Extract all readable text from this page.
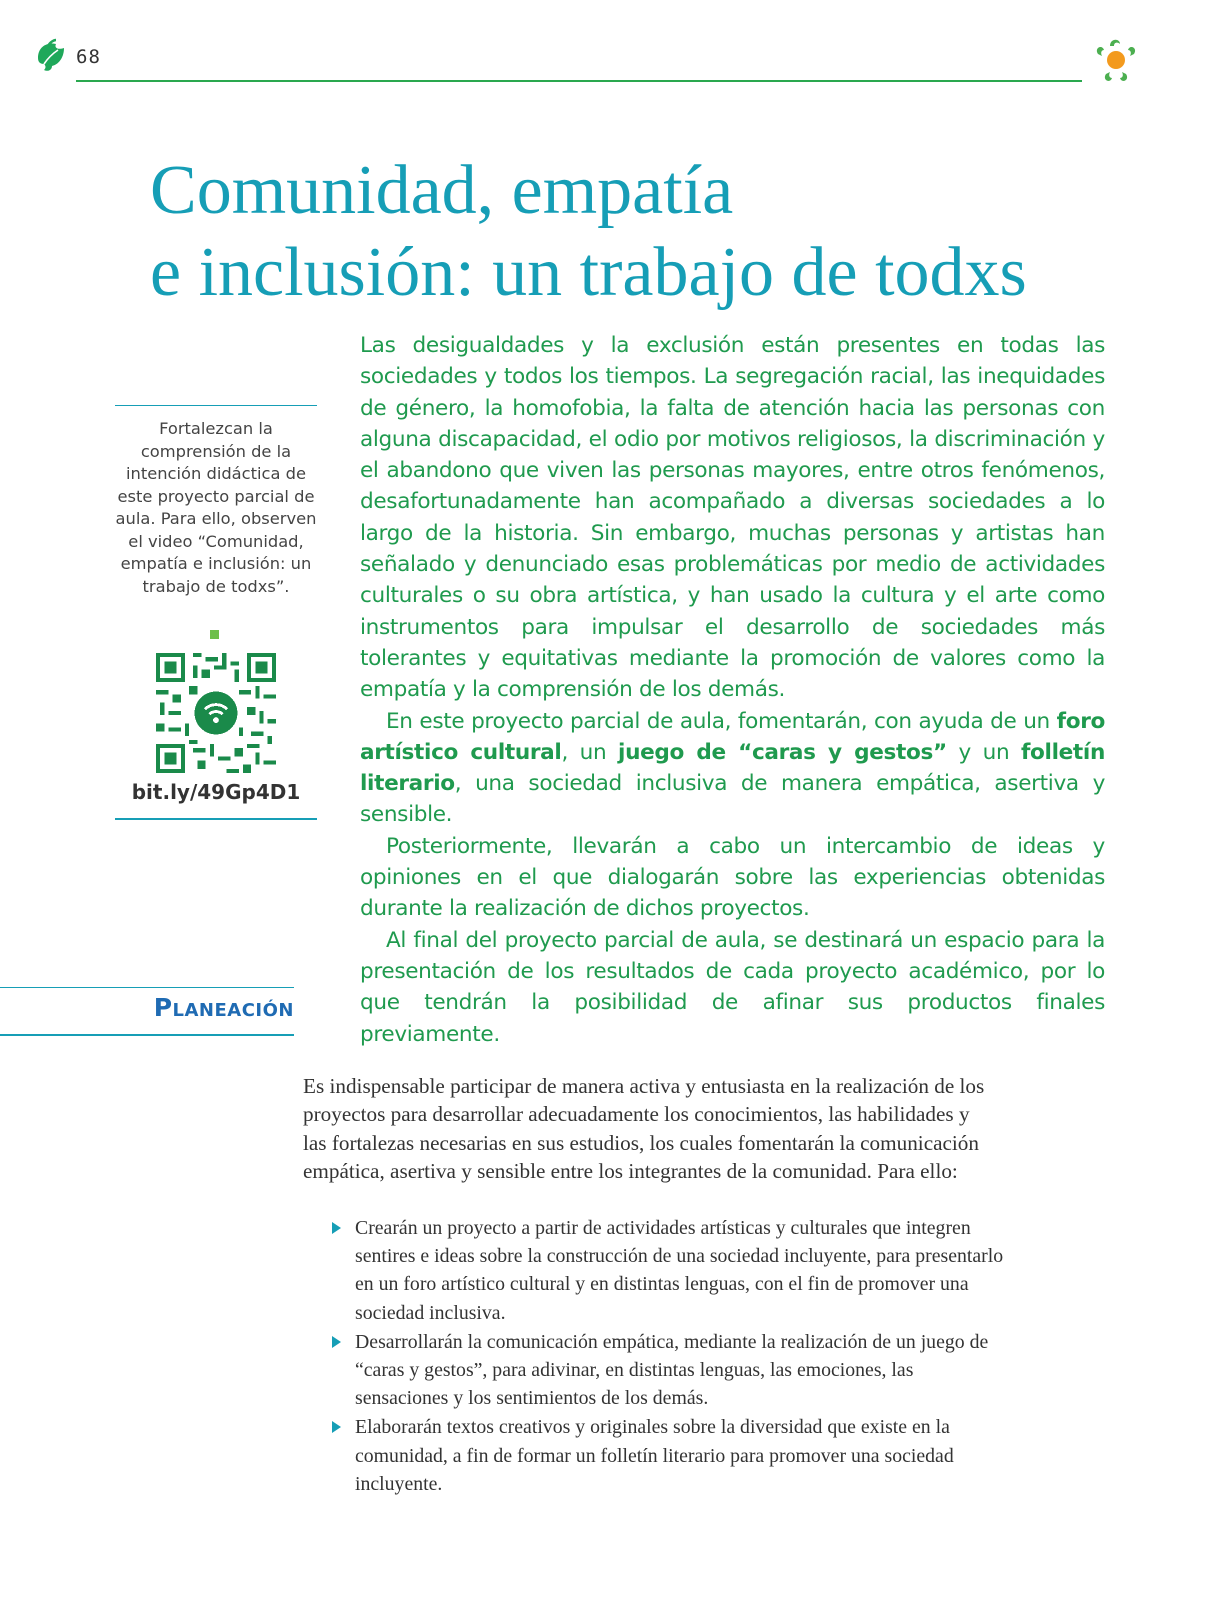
68
Comunidad, empatía
e inclusión: un trabajo de todxs
Fortalezcan la comprensión de la intención didáctica de este proyecto parcial de aula. Para ello, observen el video “Comunidad, empatía e inclusión: un trabajo de todxs”.
bit.ly/49Gp4D1

Las desigualdades y la exclusión están presentes en todas las sociedades y todos los tiempos. La segregación racial, las inequidades de género, la homofobia, la falta de atención hacia las personas con alguna discapacidad, el odio por motivos religiosos, la discriminación y el abandono que viven las personas mayores, entre otros fenómenos, desafortunadamente han acompañado a diversas sociedades a lo largo de la historia. Sin embargo, muchas personas y artistas han señalado y denunciado esas problemáticas por medio de actividades culturales o su obra artística, y han usado la cultura y el arte como instrumentos para impulsar el desarrollo de sociedades más tolerantes y equitativas mediante la promoción de valores como la empatía y la comprensión de los demás.

En este proyecto parcial de aula, fomentarán, con ayuda de un foro artístico cultural, un juego de “caras y gestos” y un folletín literario, una sociedad inclusiva de manera empática, asertiva y sensible.

Posteriormente, llevarán a cabo un intercambio de ideas y opiniones en el que dialogarán sobre las experiencias obtenidas durante la realización de dichos proyectos.

Al final del proyecto parcial de aula, se destinará un espacio para la presentación de los resultados de cada proyecto académico, por lo que tendrán la posibilidad de afinar sus productos finales previamente.

Planeación

Es indispensable participar de manera activa y entusiasta en la realización de los proyectos para desarrollar adecuadamente los conocimientos, las habilidades y las fortalezas necesarias en sus estudios, los cuales fomentarán la comunicación empática, asertiva y sensible entre los integrantes de la comunidad. Para ello:

Crearán un proyecto a partir de actividades artísticas y culturales que integren sentires e ideas sobre la construcción de una sociedad incluyente, para presentarlo en un foro artístico cultural y en distintas lenguas, con el fin de promover una sociedad inclusiva.
Desarrollarán la comunicación empática, mediante la realización de un juego de “caras y gestos”, para adivinar, en distintas lenguas, las emociones, las sensaciones y los sentimientos de los demás.
Elaborarán textos creativos y originales sobre la diversidad que existe en la comunidad, a fin de formar un folletín literario para promover una sociedad incluyente.
